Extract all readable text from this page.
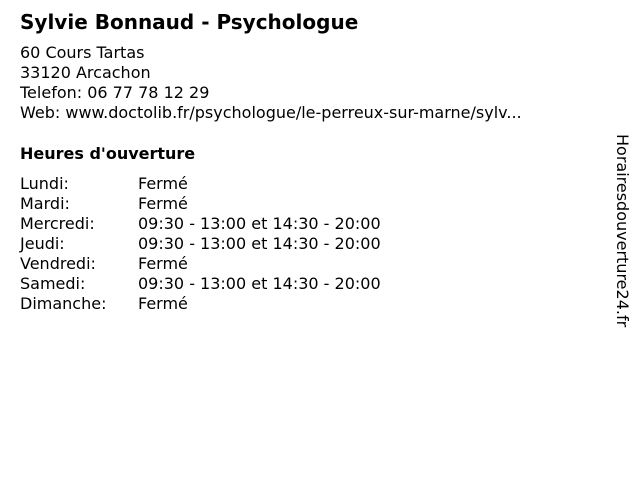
Sylvie Bonnaud - Psychologue
60 Cours Tartas
33120 Arcachon
Telefon: 06 77 78 12 29
Web: www.doctolib.fr/psychologue/le-perreux-sur-marne/sylv...
Heures d'ouverture
Lundi:	Fermé
Mardi:	Fermé
Mercredi:	09:30 - 13:00 et 14:30 - 20:00
Jeudi:	09:30 - 13:00 et 14:30 - 20:00
Vendredi:	Fermé
Samedi:	09:30 - 13:00 et 14:30 - 20:00
Dimanche:	Fermé	Horairesdouverture24.fr
